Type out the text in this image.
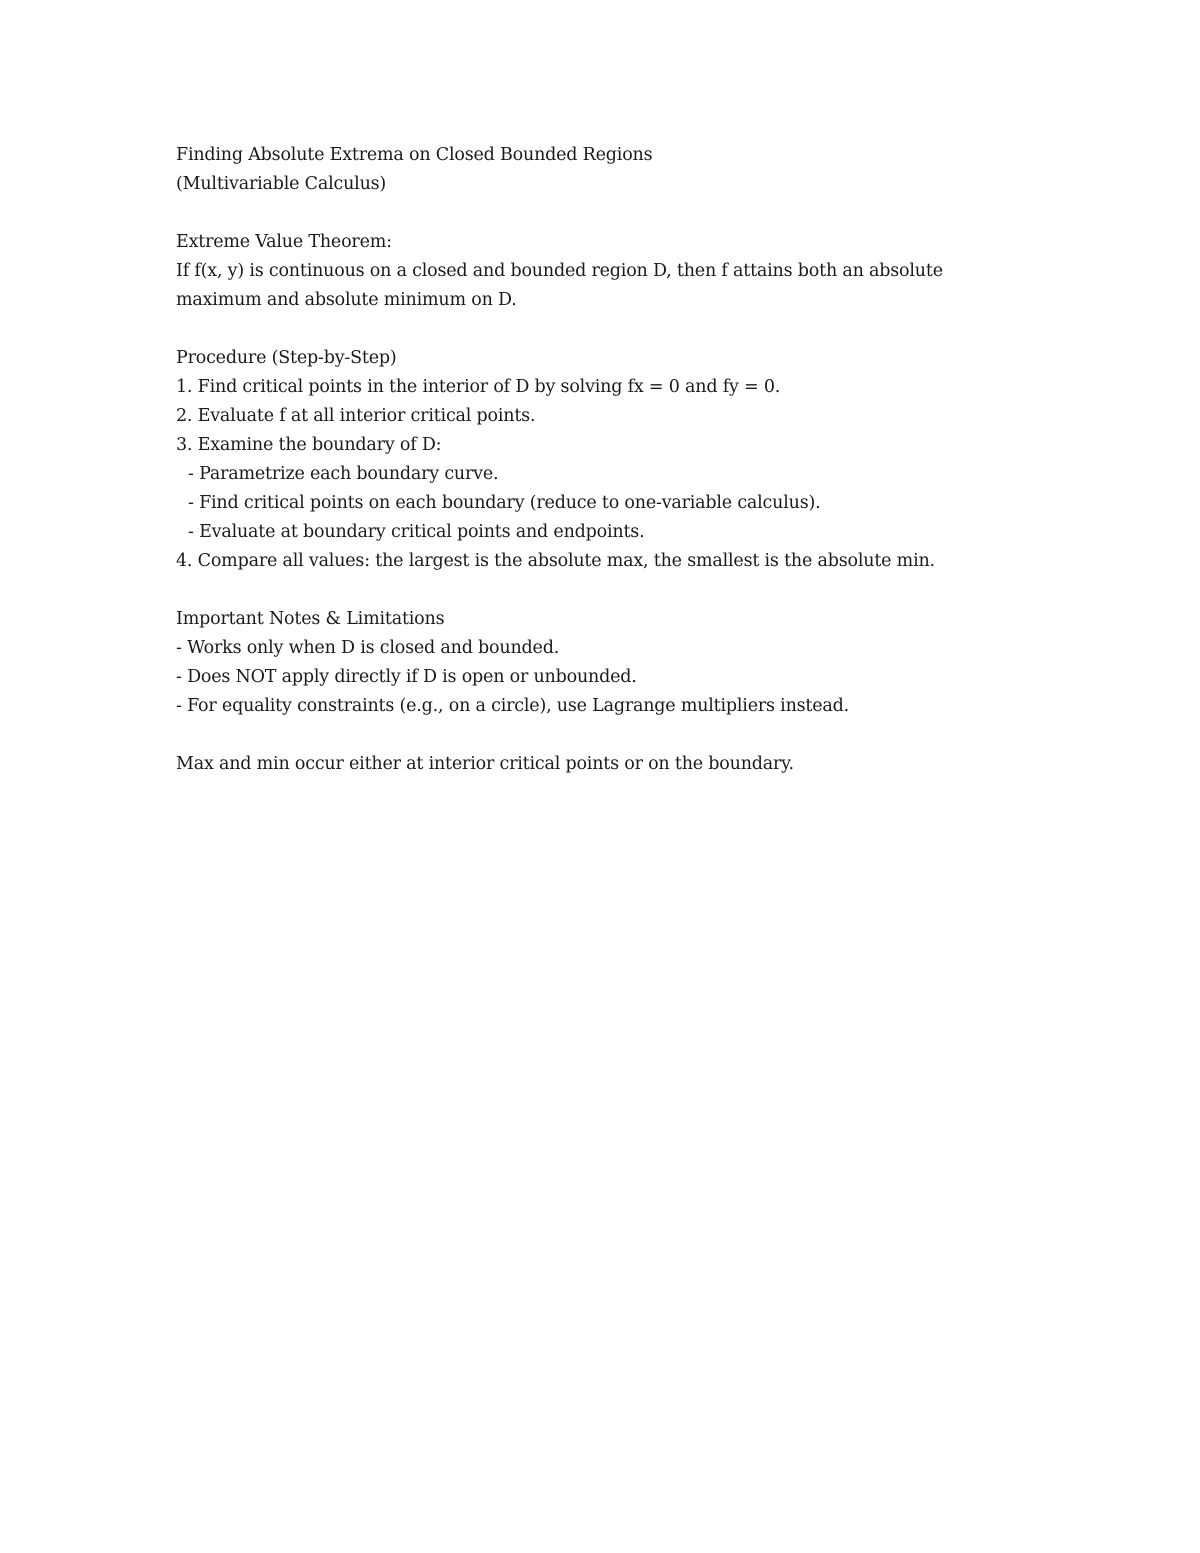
Finding Absolute Extrema on Closed Bounded Regions
(Multivariable Calculus)
Extreme Value Theorem:
If f(x, y) is continuous on a closed and bounded region D, then f attains both an absolute
maximum and absolute minimum on D.
Procedure (Step-by-Step)
1. Find critical points in the interior of D by solving fx = 0 and fy = 0.
2. Evaluate f at all interior critical points.
3. Examine the boundary of D:
- Parametrize each boundary curve.
- Find critical points on each boundary (reduce to one-variable calculus).
- Evaluate at boundary critical points and endpoints.
4. Compare all values: the largest is the absolute max, the smallest is the absolute min.
Important Notes & Limitations
- Works only when D is closed and bounded.
- Does NOT apply directly if D is open or unbounded.
- For equality constraints (e.g., on a circle), use Lagrange multipliers instead.
Max and min occur either at interior critical points or on the boundary.
